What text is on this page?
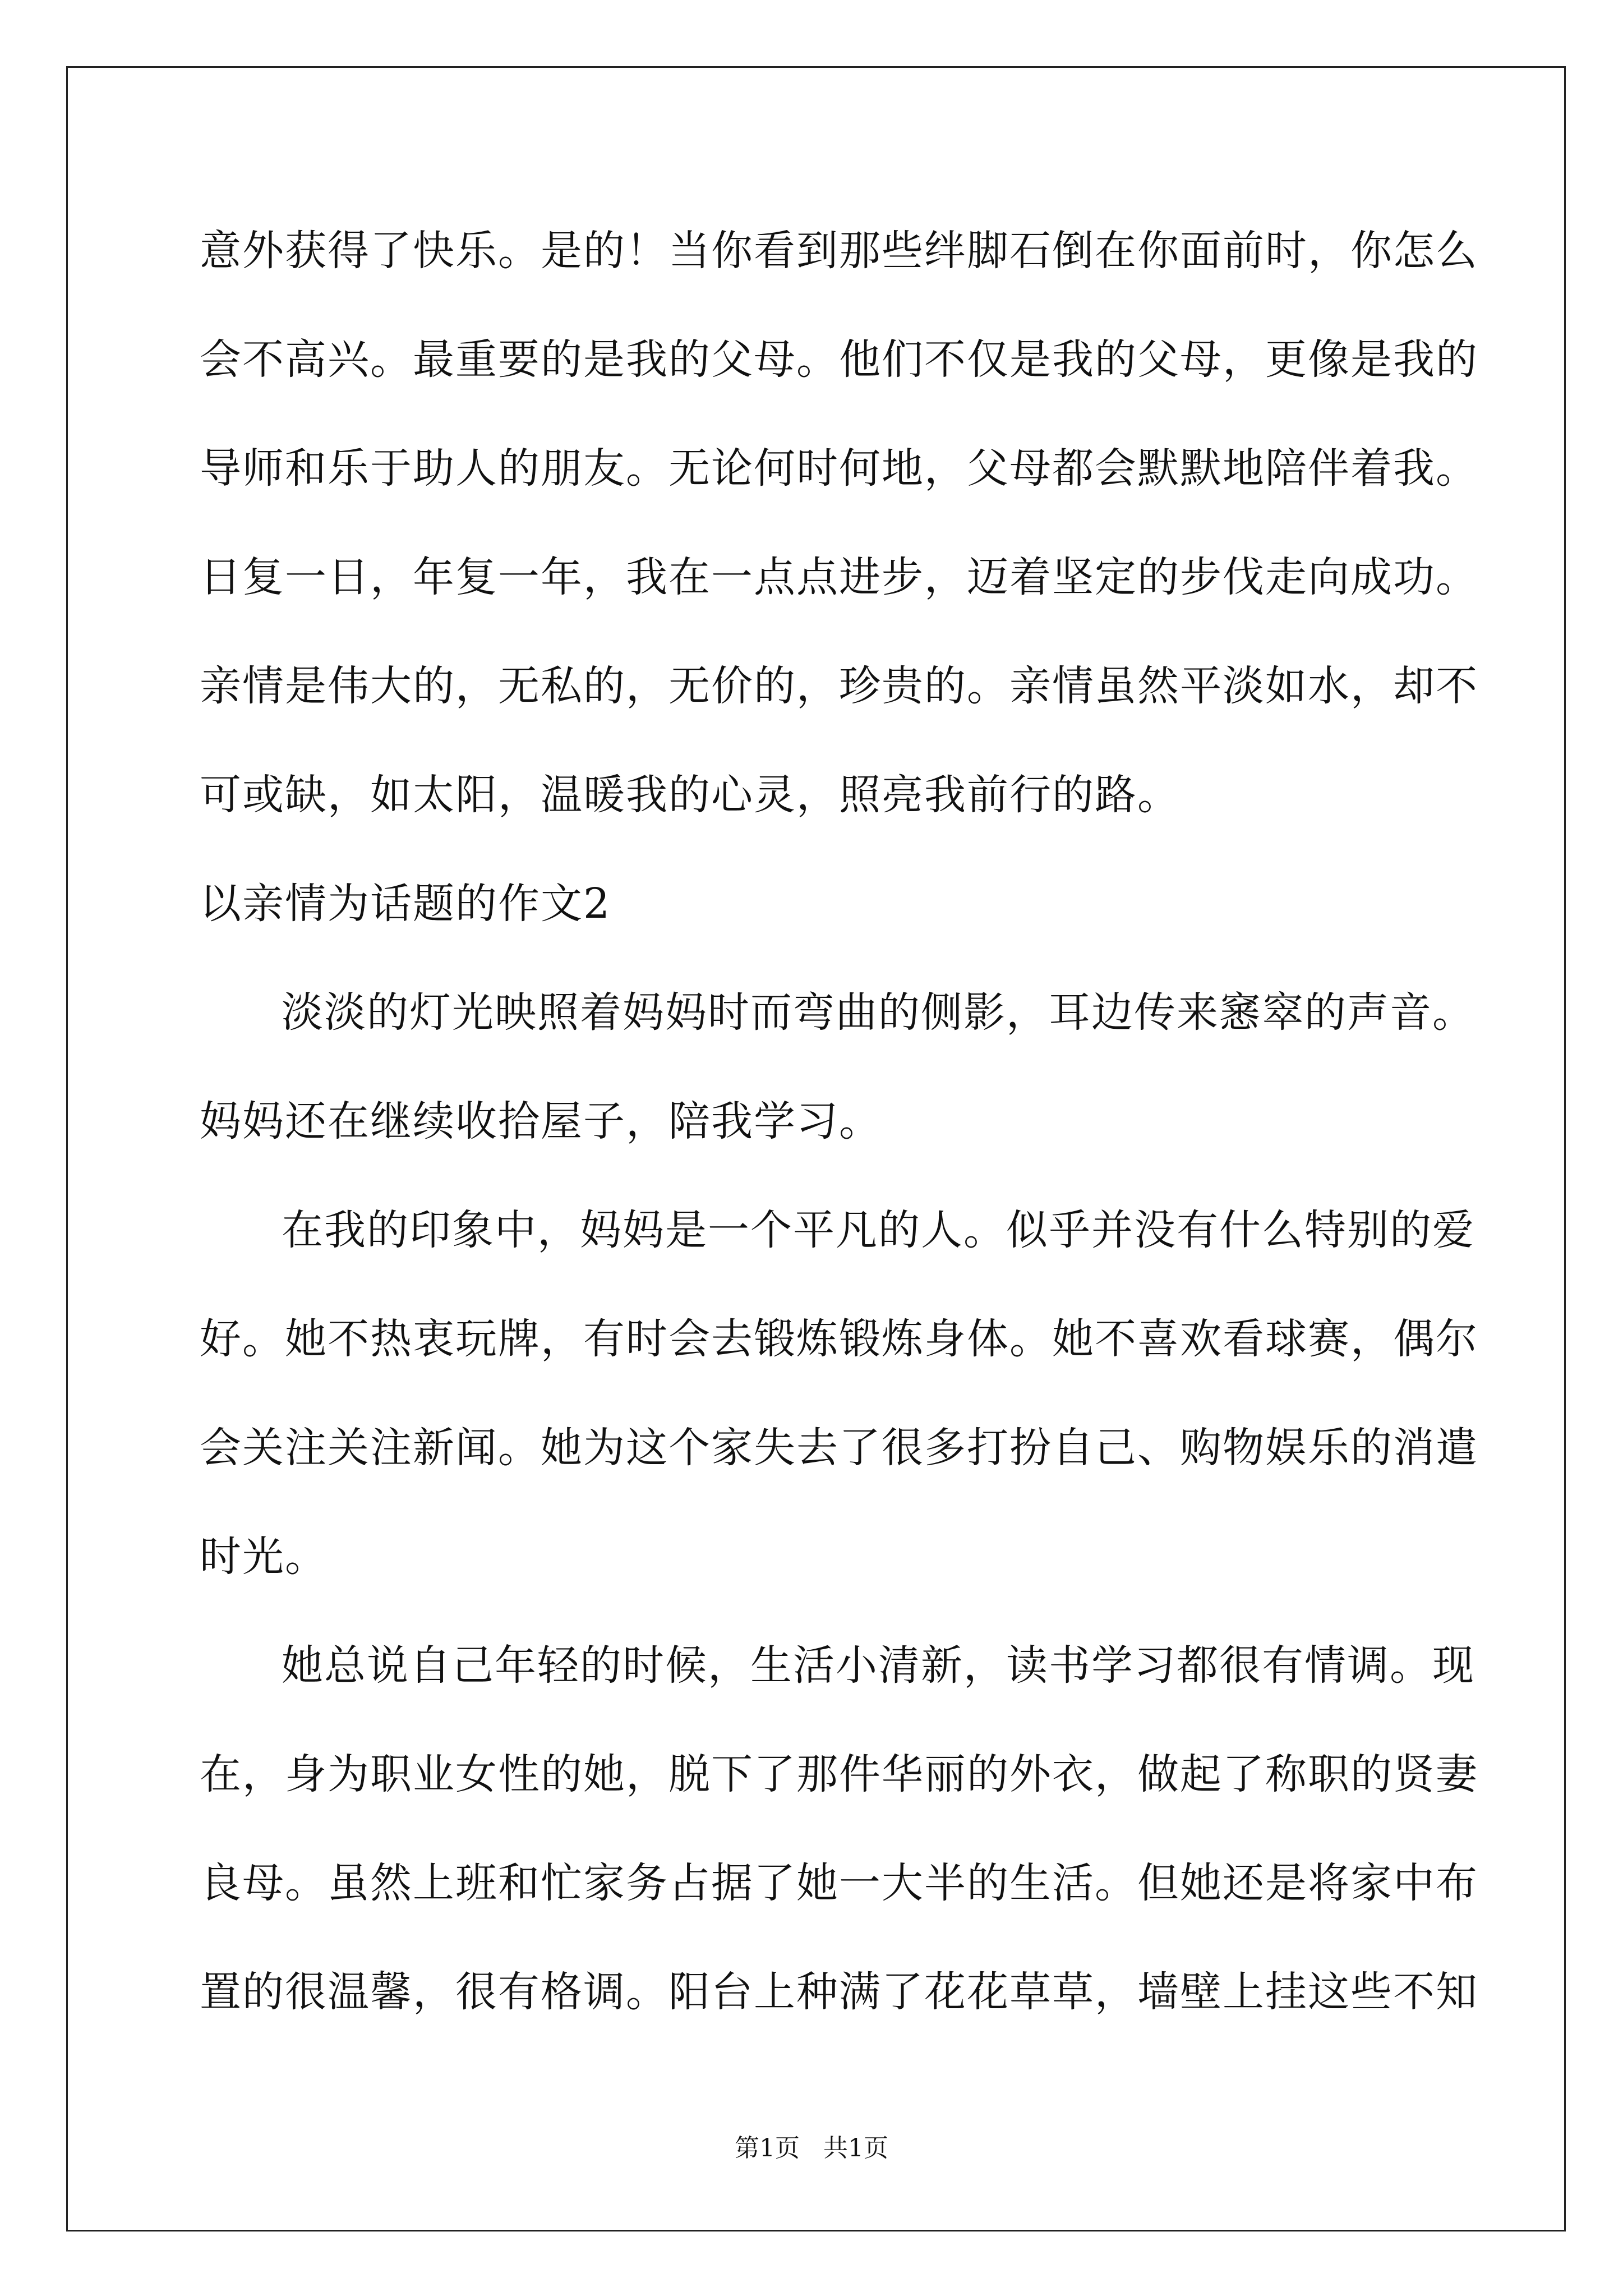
意外获得了快乐。是的！当你看到那些绊脚石倒在你面前时，你怎么
会不高兴。最重要的是我的父母。他们不仅是我的父母，更像是我的
导师和乐于助人的朋友。无论何时何地，父母都会默默地陪伴着我。
日复一日，年复一年，我在一点点进步，迈着坚定的步伐走向成功。
亲情是伟大的，无私的，无价的，珍贵的。亲情虽然平淡如水，却不
可或缺，如太阳，温暖我的心灵，照亮我前行的路。
以亲情为话题的作文2
淡淡的灯光映照着妈妈时而弯曲的侧影，耳边传来窸窣的声音。
妈妈还在继续收拾屋子，陪我学习。
在我的印象中，妈妈是一个平凡的人。似乎并没有什么特别的爱
好。她不热衷玩牌，有时会去锻炼锻炼身体。她不喜欢看球赛，偶尔
会关注关注新闻。她为这个家失去了很多打扮自己、购物娱乐的消遣
时光。
她总说自己年轻的时候，生活小清新，读书学习都很有情调。现
在，身为职业女性的她，脱下了那件华丽的外衣，做起了称职的贤妻
良母。虽然上班和忙家务占据了她一大半的生活。但她还是将家中布
置的很温馨，很有格调。阳台上种满了花花草草，墙壁上挂这些不知
第1页   共1页
